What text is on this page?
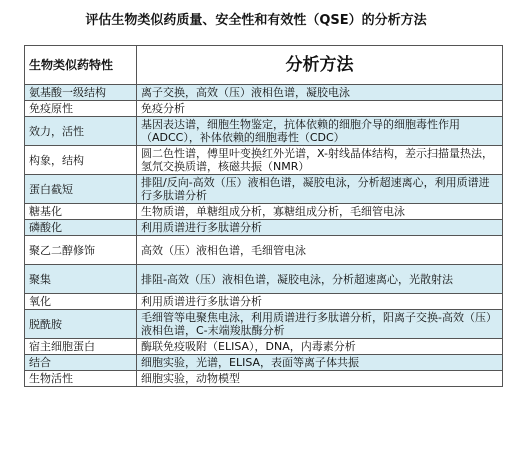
评估生物类似药质量、安全性和有效性（QSE）的分析方法
生物类似药特性	分析方法
氨基酸一级结构	离子交换，高效（压）液相色谱，凝胶电泳
免疫原性	免疫分析
效力，活性	基因表达谱，细胞生物鉴定，抗体依赖的细胞介导的细胞毒性作用（ADCC），补体依赖的细胞毒性（CDC）
构象，结构	圆二色性谱，傅里叶变换红外光谱，X-射线晶体结构，差示扫描量热法，氢氘交换质谱，核磁共振（NMR）
蛋白截短	排阻/反向-高效（压）液相色谱，凝胶电泳，分析超速离心，利用质谱进行多肽谱分析
糖基化	生物质谱，单糖组成分析，寡糖组成分析，毛细管电泳
磷酸化	利用质谱进行多肽谱分析
聚乙二醇修饰	高效（压）液相色谱，毛细管电泳
聚集	排阻-高效（压）液相色谱，凝胶电泳，分析超速离心，光散射法
氧化	利用质谱进行多肽谱分析
脱酰胺	毛细管等电聚焦电泳，利用质谱进行多肽谱分析，阳离子交换-高效（压）液相色谱，C-末端羧肽酶分析
宿主细胞蛋白	酶联免疫吸附（ELISA），DNA，内毒素分析
结合	细胞实验，光谱，ELISA，表面等离子体共振
生物活性	细胞实验，动物模型
